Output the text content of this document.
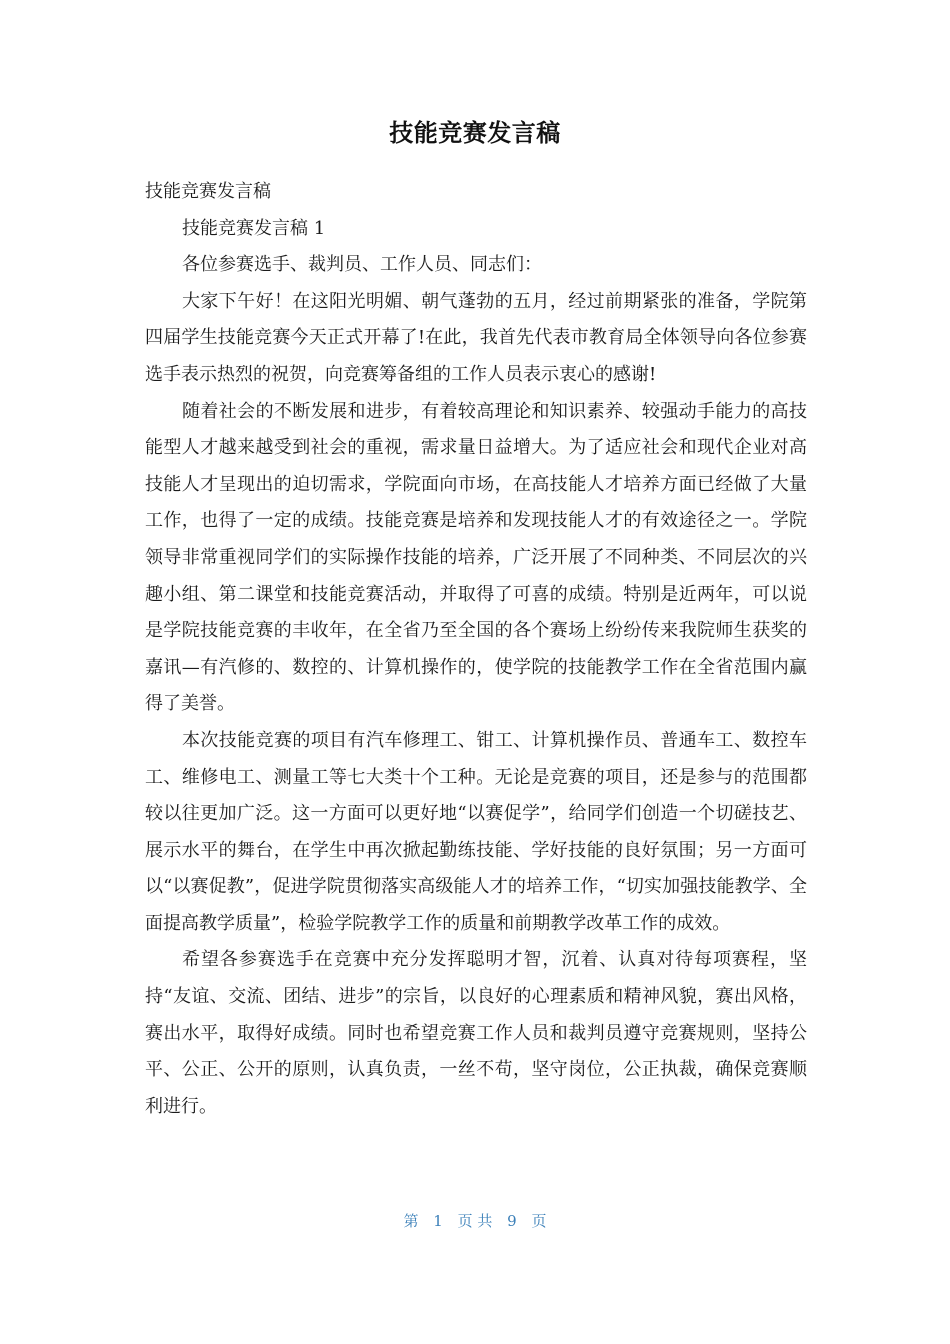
技能竞赛发言稿

技能竞赛发言稿

技能竞赛发言稿 1

各位参赛选手、裁判员、工作人员、同志们：

大家下午好！在这阳光明媚、朝气蓬勃的五月，经过前期紧张的准备，学院第四届学生技能竞赛今天正式开幕了!在此，我首先代表市教育局全体领导向各位参赛选手表示热烈的祝贺，向竞赛筹备组的工作人员表示衷心的感谢!

随着社会的不断发展和进步，有着较高理论和知识素养、较强动手能力的高技能型人才越来越受到社会的重视，需求量日益增大。为了适应社会和现代企业对高技能人才呈现出的迫切需求，学院面向市场，在高技能人才培养方面已经做了大量工作，也得了一定的成绩。技能竞赛是培养和发现技能人才的有效途径之一。学院领导非常重视同学们的实际操作技能的培养，广泛开展了不同种类、不同层次的兴趣小组、第二课堂和技能竞赛活动，并取得了可喜的成绩。特别是近两年，可以说是学院技能竞赛的丰收年，在全省乃至全国的各个赛场上纷纷传来我院师生获奖的嘉讯—有汽修的、数控的、计算机操作的，使学院的技能教学工作在全省范围内赢得了美誉。

本次技能竞赛的项目有汽车修理工、钳工、计算机操作员、普通车工、数控车工、维修电工、测量工等七大类十个工种。无论是竞赛的项目，还是参与的范围都较以往更加广泛。这一方面可以更好地“以赛促学”，给同学们创造一个切磋技艺、展示水平的舞台，在学生中再次掀起勤练技能、学好技能的良好氛围；另一方面可以“以赛促教”，促进学院贯彻落实高级能人才的培养工作，“切实加强技能教学、全面提高教学质量”，检验学院教学工作的质量和前期教学改革工作的成效。

希望各参赛选手在竞赛中充分发挥聪明才智，沉着、认真对待每项赛程，坚持“友谊、交流、团结、进步”的宗旨，以良好的心理素质和精神风貌，赛出风格，赛出水平，取得好成绩。同时也希望竞赛工作人员和裁判员遵守竞赛规则，坚持公平、公正、公开的原则，认真负责，一丝不苟，坚守岗位，公正执裁，确保竞赛顺利进行。

第 1 页 共 9 页
